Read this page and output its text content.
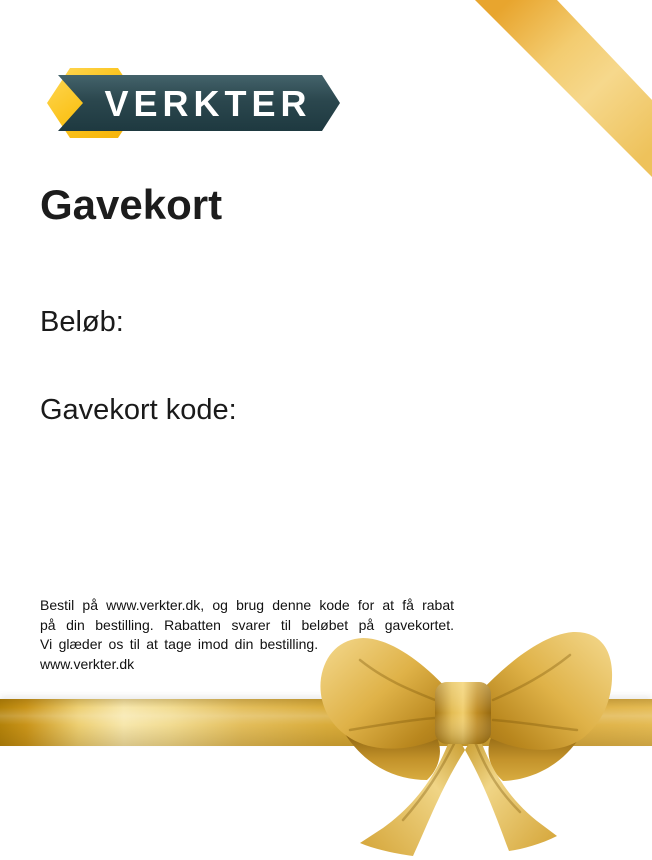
VERKTER
Gavekort
Beløb:
Gavekort kode:
Bestil på www.verkter.dk, og brug denne kode for at få rabat
på din bestilling. Rabatten svarer til beløbet på gavekortet.
Vi glæder os til at tage imod din bestilling.
www.verkter.dk
